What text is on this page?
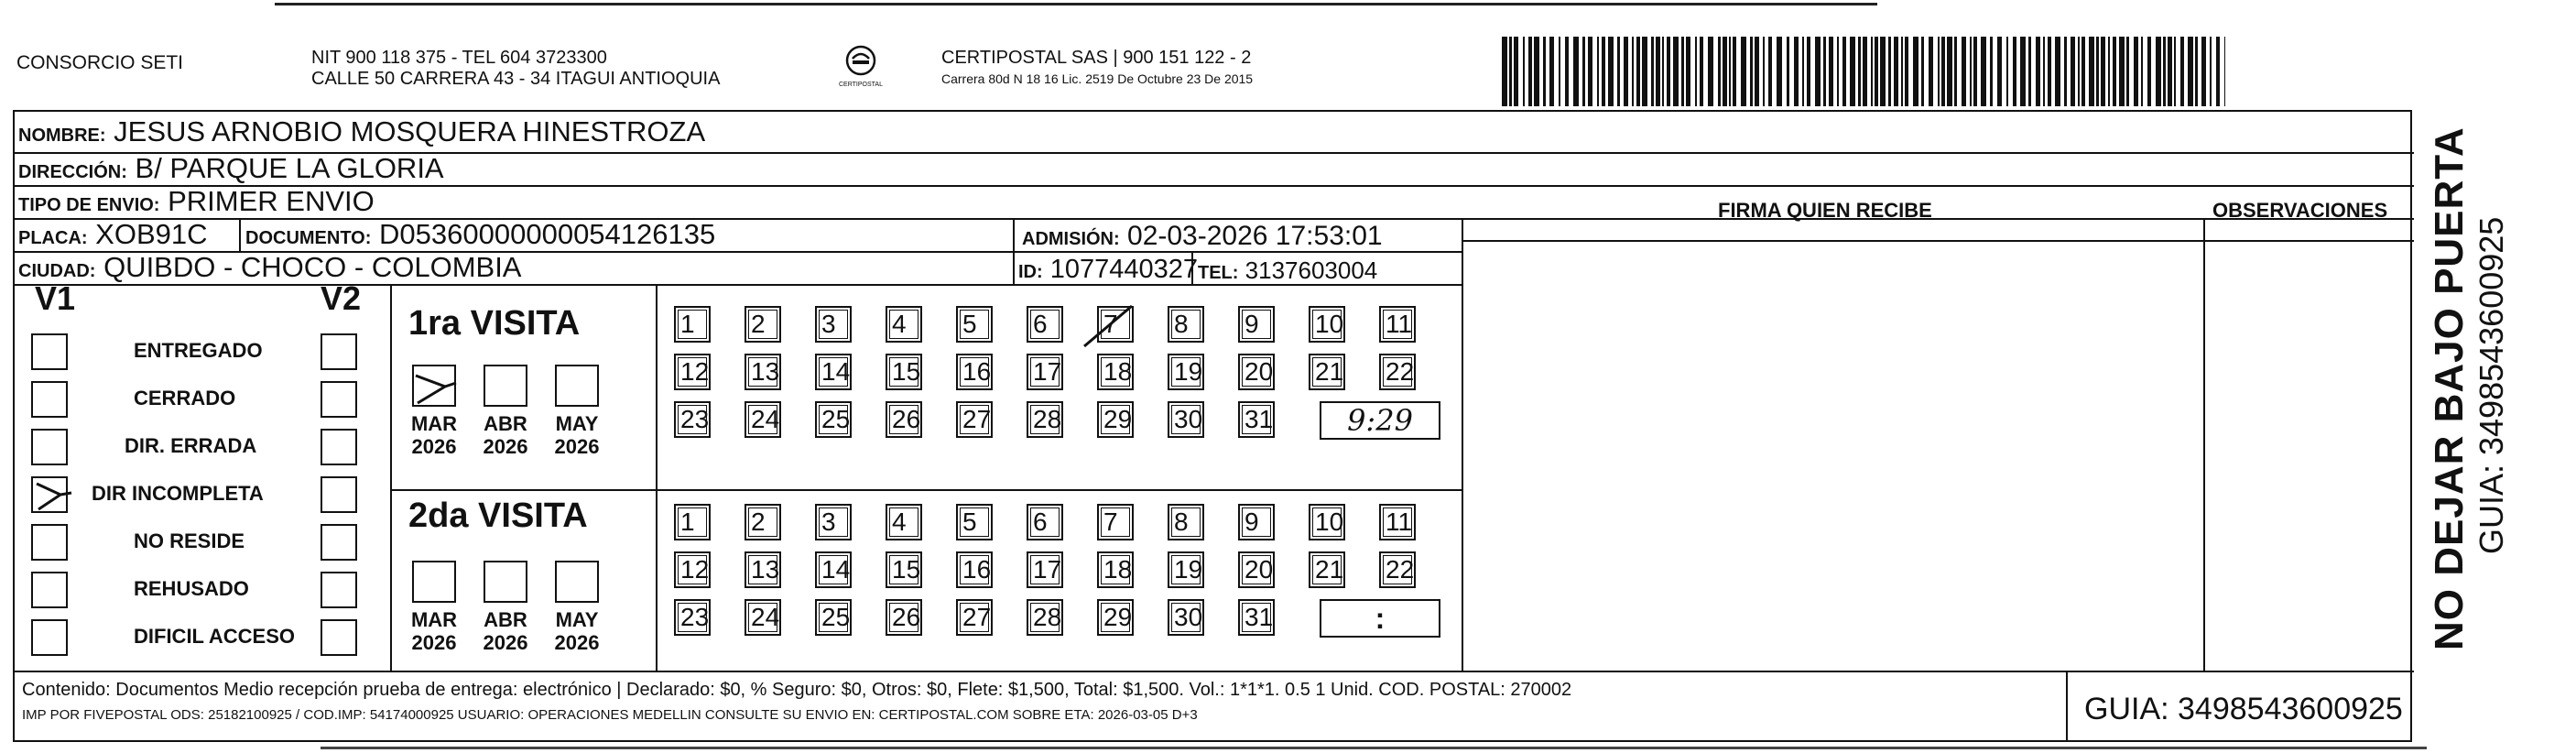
CONSORCIO SETI	NIT 900 118 375 - TEL 604 3723300
CALLE 50 CARRERA 43 - 34 ITAGUI ANTIOQUIA	CERTIPOSTAL
CERTIPOSTAL SAS | 900 151 122 - 2
Carrera 80d N 18 16 Lic. 2519 De Octubre 23 De 2015
NOMBRE: JESUS ARNOBIO MOSQUERA HINESTROZA
DIRECCIÓN: B/ PARQUE LA GLORIA
TIPO DE ENVIO: PRIMER ENVIO
PLACA: XOB91C DOCUMENTO: D05360000000054126135	ADMISIÓN: 02-03-2026 17:53:01
CIUDAD: QUIBDO - CHOCO - COLOMBIA	ID: 1077440327 TEL: 3137603004
FIRMA QUIEN RECIBE	OBSERVACIONES
V1	V2
ENTREGADO
CERRADO
DIR. ERRADA
DIR INCOMPLETA
NO RESIDE
REHUSADO
DIFICIL ACCESO
1ra VISITA
MAR
2026
ABR
2026
MAY
2026
1	2	3	4	5	6	7	8	9	10 11
12 13 14 15 16 17 18 19 20 21 22
23 24 25 26 27 28 29 30 31	9:29
2da VISITA
MAR
2026
ABR
2026
MAY
2026
1	2	3	4	5	6	7	8	9	10 11
12 13 14 15 16 17 18 19 20 21 22
23 24 25 26 27 28 29 30 31	:
Contenido: Documentos Medio recepción prueba de entrega: electrónico | Declarado: $0, % Seguro: $0, Otros: $0, Flete: $1,500, Total: $1,500. Vol.: 1*1*1. 0.5 1 Unid. COD. POSTAL: 270002
IMP POR FIVEPOSTAL ODS: 25182100925 / COD.IMP: 54174000925 USUARIO: OPERACIONES MEDELLIN CONSULTE SU ENVIO EN: CERTIPOSTAL.COM SOBRE ETA: 2026-03-05 D+3	GUIA: 3498543600925
NO DEJAR BAJO PUERTA GUIA: 3498543600925
